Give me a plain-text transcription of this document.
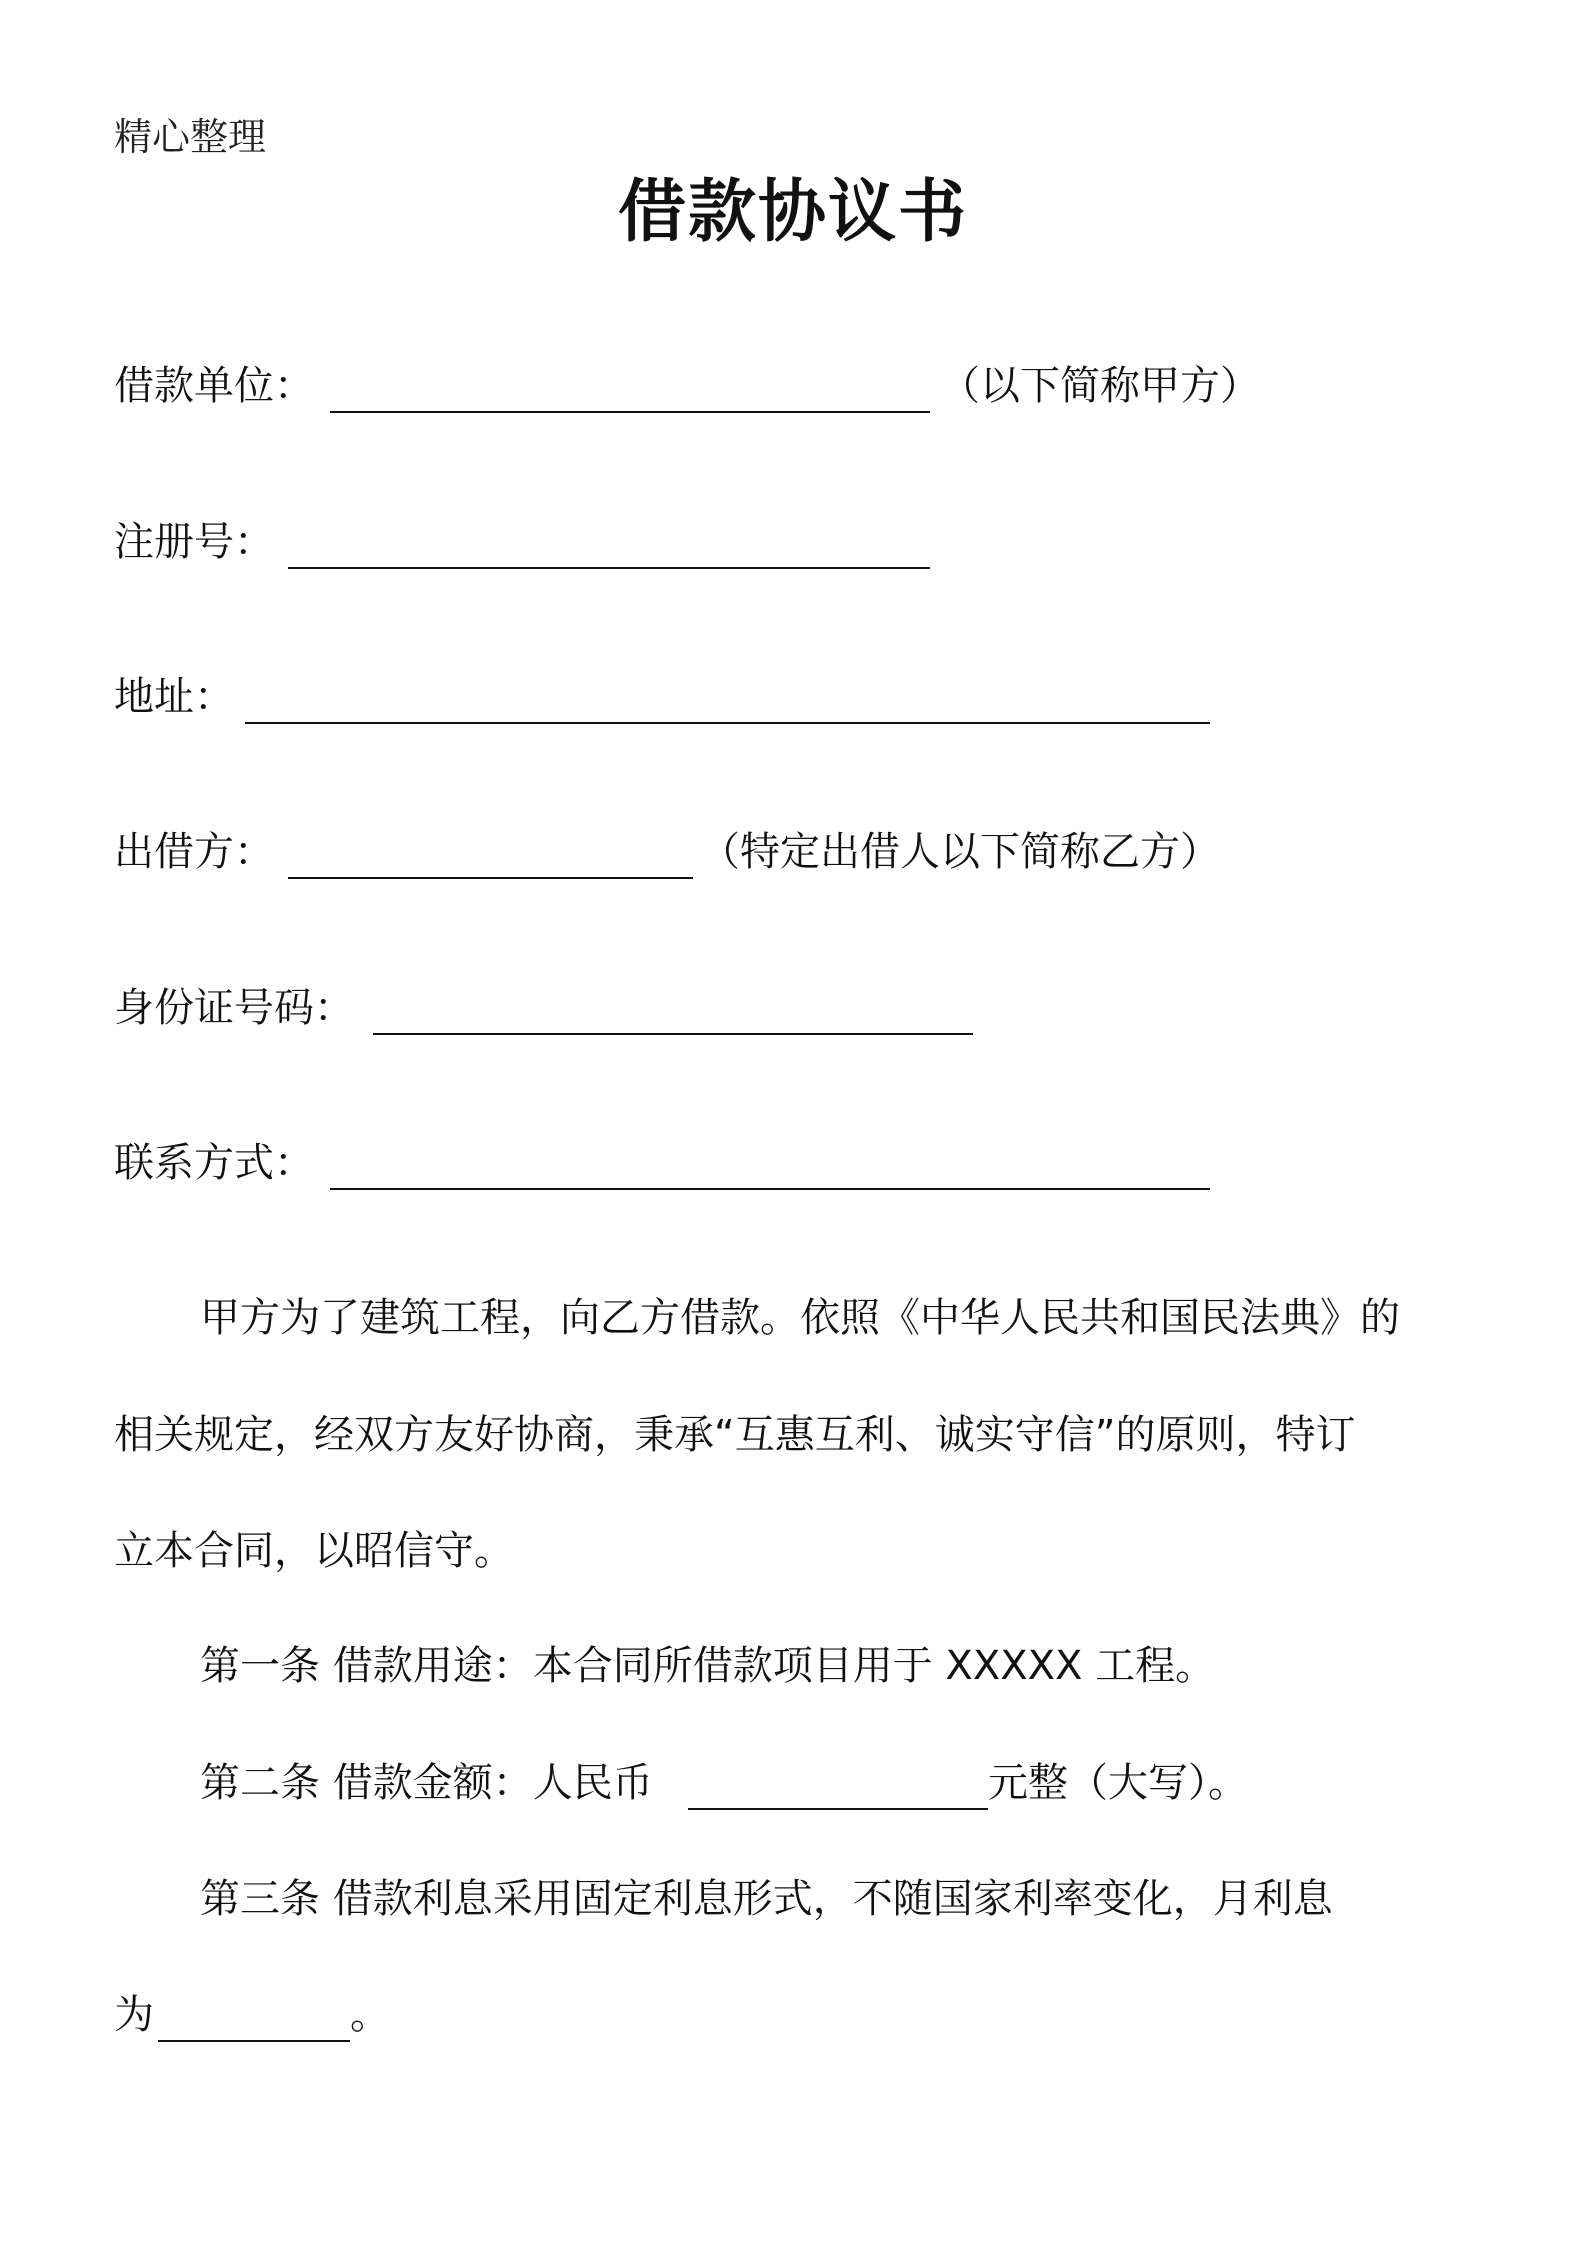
精心整理
借款协议书
借款单位：	（以下简称甲方）
注册号：
地址：
出借方：	（特定出借人以下简称乙方）
身份证号码：
联系方式：
甲方为了建筑工程，向乙方借款。依照《中华人民共和国民法典》的
相关规定，经双方友好协商，秉承“互惠互利、诚实守信”的原则，特订
立本合同，以昭信守。
第一条 借款用途：本合同所借款项目用于 XXXXX 工程。
第二条 借款金额：人民币	元整（大写）。
第三条 借款利息采用固定利息形式，不随国家利率变化，月利息
为	。
